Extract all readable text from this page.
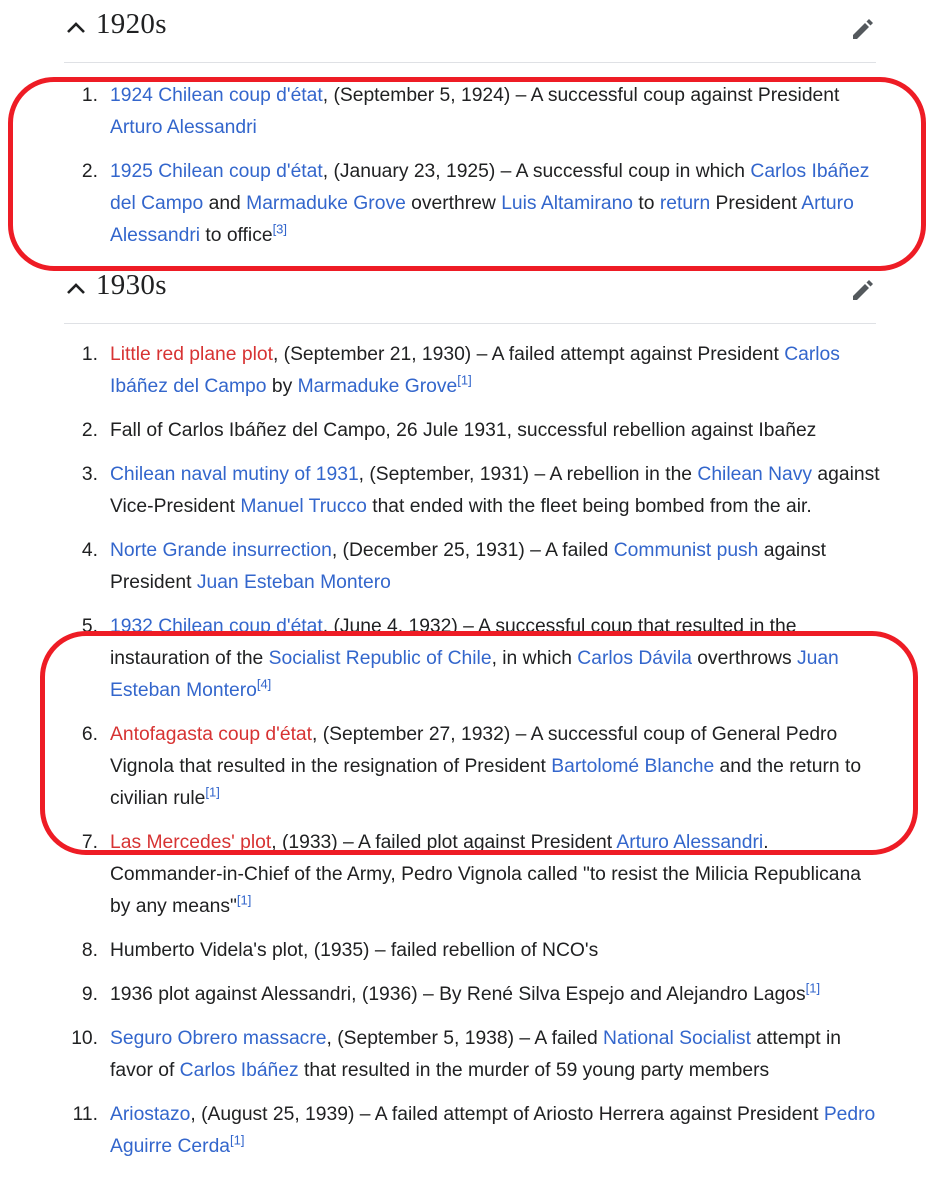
1920s
1. 1924 Chilean coup d'état, (September 5, 1924) – A successful coup against President Arturo Alessandri
2. 1925 Chilean coup d'état, (January 23, 1925) – A successful coup in which Carlos Ibáñez del Campo and Marmaduke Grove overthrew Luis Altamirano to return President Arturo Alessandri to office[3]
1930s
1. Little red plane plot, (September 21, 1930) – A failed attempt against President Carlos Ibáñez del Campo by Marmaduke Grove[1]
2. Fall of Carlos Ibáñez del Campo, 26 Jule 1931, successful rebellion against Ibañez
3. Chilean naval mutiny of 1931, (September, 1931) – A rebellion in the Chilean Navy against Vice-President Manuel Trucco that ended with the fleet being bombed from the air.
4. Norte Grande insurrection, (December 25, 1931) – A failed Communist push against President Juan Esteban Montero
5. 1932 Chilean coup d'état, (June 4, 1932) – A successful coup that resulted in the instauration of the Socialist Republic of Chile, in which Carlos Dávila overthrows Juan Esteban Montero[4]
6. Antofagasta coup d'état, (September 27, 1932) – A successful coup of General Pedro Vignola that resulted in the resignation of President Bartolomé Blanche and the return to civilian rule[1]
7. Las Mercedes' plot, (1933) – A failed plot against President Arturo Alessandri. Commander-in-Chief of the Army, Pedro Vignola called "to resist the Milicia Republicana by any means"[1]
8. Humberto Videla's plot, (1935) – failed rebellion of NCO's
9. 1936 plot against Alessandri, (1936) – By René Silva Espejo and Alejandro Lagos[1]
10. Seguro Obrero massacre, (September 5, 1938) – A failed National Socialist attempt in favor of Carlos Ibáñez that resulted in the murder of 59 young party members
11. Ariostazo, (August 25, 1939) – A failed attempt of Ariosto Herrera against President Pedro Aguirre Cerda[1]
